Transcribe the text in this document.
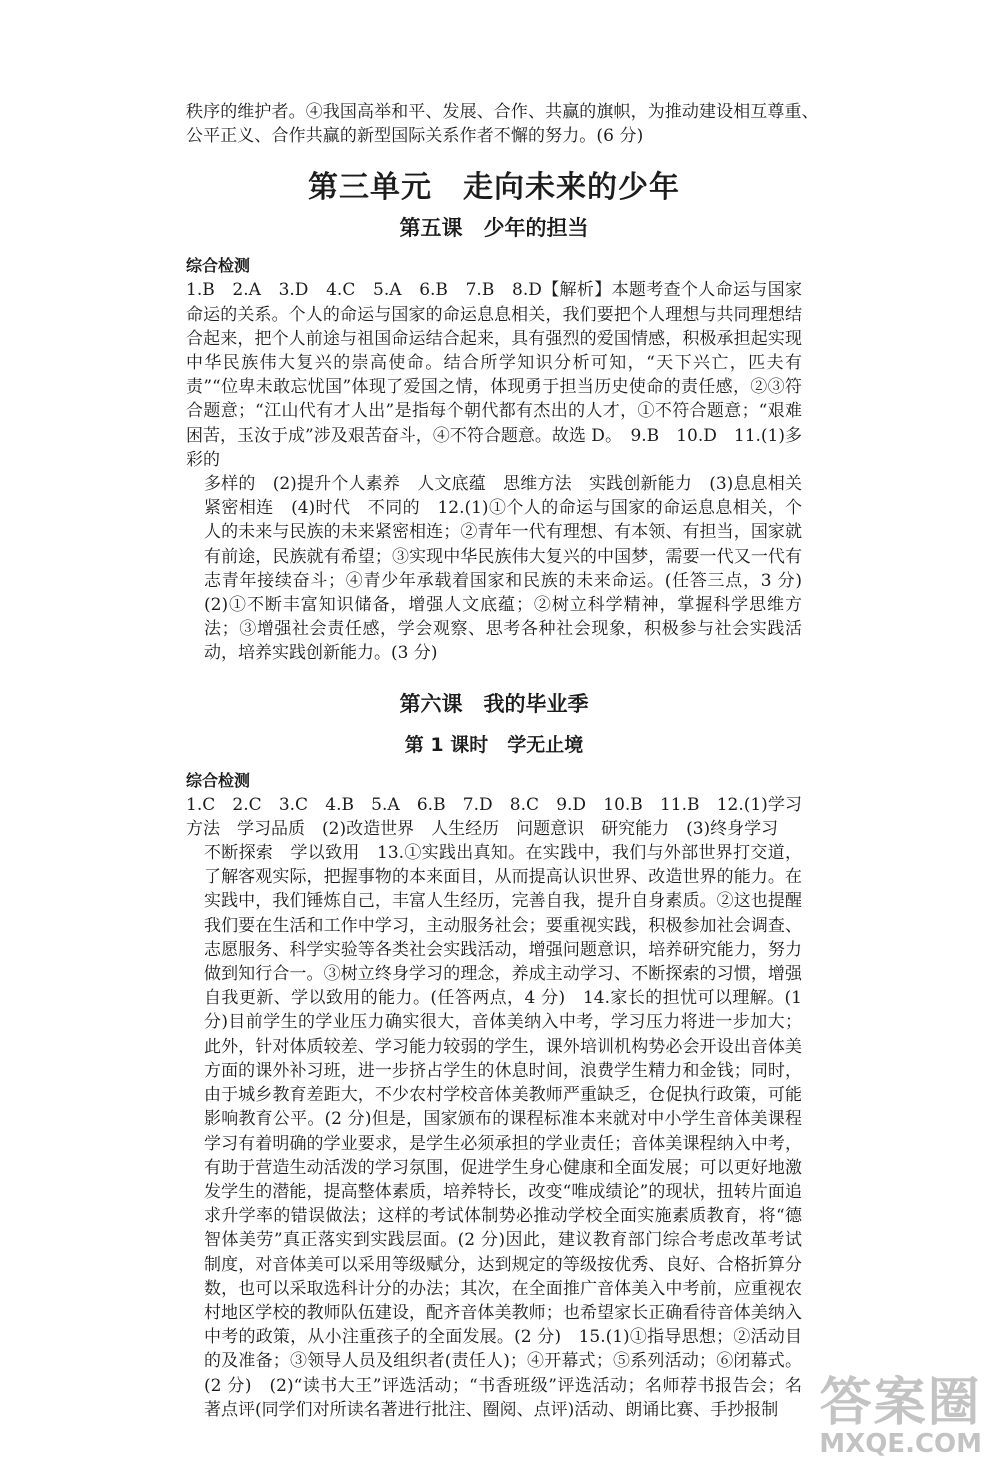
秩序的维护者。④我国高举和平、发展、合作、共赢的旗帜，为推动建设相互尊重、
公平正义、合作共赢的新型国际关系作者不懈的努力。(6 分)
第三单元　走向未来的少年
第五课　少年的担当
综合检测
1.B　2.A　3.D　4.C　5.A　6.B　7.B　8.D【解析】本题考查个人命运与国家命运的关系。个人的命运与国家的命运息息相关，我们要把个人理想与共同理想结合起来，把个人前途与祖国命运结合起来，具有强烈的爱国情感，积极承担起实现中华民族伟大复兴的崇高使命。结合所学知识分析可知，“天下兴亡，匹夫有责”“位卑未敢忘忧国”体现了爱国之情，体现勇于担当历史使命的责任感，②③符合题意；“江山代有才人出”是指每个朝代都有杰出的人才，①不符合题意；“艰难困苦，玉汝于成”涉及艰苦奋斗，④不符合题意。故选 D。　9.B　10.D　11.(1)多彩的
多样的　(2)提升个人素养　人文底蕴　思维方法　实践创新能力　(3)息息相关　紧密相连　(4)时代　不同的　12.(1)①个人的命运与国家的命运息息相关，个人的未来与民族的未来紧密相连；②青年一代有理想、有本领、有担当，国家就有前途，民族就有希望；③实现中华民族伟大复兴的中国梦，需要一代又一代有志青年接续奋斗；④青少年承载着国家和民族的未来命运。(任答三点，3 分)　(2)①不断丰富知识储备，增强人文底蕴；②树立科学精神，掌握科学思维方法；③增强社会责任感，学会观察、思考各种社会现象，积极参与社会实践活动，培养实践创新能力。(3 分)
第六课　我的毕业季
第 1 课时　学无止境
综合检测
1.C　2.C　3.C　4.B　5.A　6.B　7.D　8.C　9.D　10.B　11.B　12.(1)学习方法　学习品质　(2)改造世界　人生经历　问题意识　研究能力　(3)终身学习
不断探索　学以致用　13.①实践出真知。在实践中，我们与外部世界打交道，了解客观实际，把握事物的本来面目，从而提高认识世界、改造世界的能力。在实践中，我们锤炼自己，丰富人生经历，完善自我，提升自身素质。②这也提醒我们要在生活和工作中学习，主动服务社会；要重视实践，积极参加社会调查、志愿服务、科学实验等各类社会实践活动，增强问题意识，培养研究能力，努力做到知行合一。③树立终身学习的理念，养成主动学习、不断探索的习惯，增强自我更新、学以致用的能力。(任答两点，4 分)　14.家长的担忧可以理解。(1 分)目前学生的学业压力确实很大，音体美纳入中考，学习压力将进一步加大；此外，针对体质较差、学习能力较弱的学生，课外培训机构势必会开设出音体美方面的课外补习班，进一步挤占学生的休息时间，浪费学生精力和金钱；同时，由于城乡教育差距大，不少农村学校音体美教师严重缺乏，仓促执行政策，可能影响教育公平。(2 分)但是，国家颁布的课程标准本来就对中小学生音体美课程学习有着明确的学业要求，是学生必须承担的学业责任；音体美课程纳入中考，有助于营造生动活泼的学习氛围，促进学生身心健康和全面发展；可以更好地激发学生的潜能，提高整体素质，培养特长，改变“唯成绩论”的现状，扭转片面追求升学率的错误做法；这样的考试体制势必推动学校全面实施素质教育，将“德智体美劳”真正落实到实践层面。(2 分)因此，建议教育部门综合考虑改革考试制度，对音体美可以采用等级赋分，达到规定的等级按优秀、良好、合格折算分数，也可以采取选科计分的办法；其次，在全面推广音体美入中考前，应重视农村地区学校的教师队伍建设，配齐音体美教师；也希望家长正确看待音体美纳入中考的政策，从小注重孩子的全面发展。(2 分)　15.(1)①指导思想；②活动目的及准备；③领导人员及组织者(责任人)；④开幕式；⑤系列活动；⑥闭幕式。(2 分)　(2)“读书大王”评选活动；“书香班级”评选活动；名师荐书报告会；名著点评(同学们对所读名著进行批注、圈阅、点评)活动、朗诵比赛、手抄报制 答案圈
MXQE.COM
